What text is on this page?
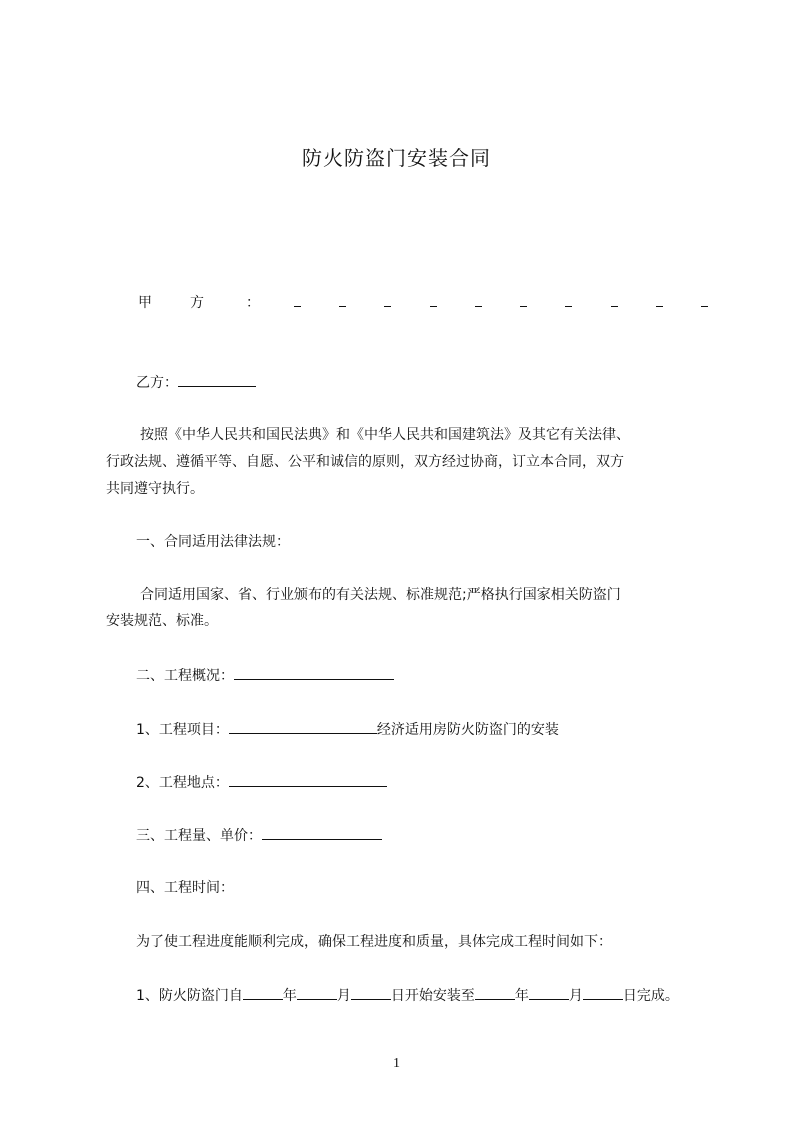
防火防盗门安装合同
甲	方	：
乙方：
按照《中华人民共和国民法典》和《中华人民共和国建筑法》及其它有关法律、
行政法规、遵循平等、自愿、公平和诚信的原则，双方经过协商，订立本合同，双方
共同遵守执行。
一、合同适用法律法规：
合同适用国家、省、行业颁布的有关法规、标准规范;严格执行国家相关防盗门
安装规范、标准。
二、工程概况：
1、工程项目：	经济适用房防火防盗门的安装
2、工程地点：
三、工程量、单价：
四、工程时间：
为了使工程进度能顺利完成，确保工程进度和质量，具体完成工程时间如下：
1、防火防盗门自	年	月	日开始安装至	年	月	日完成。
1
